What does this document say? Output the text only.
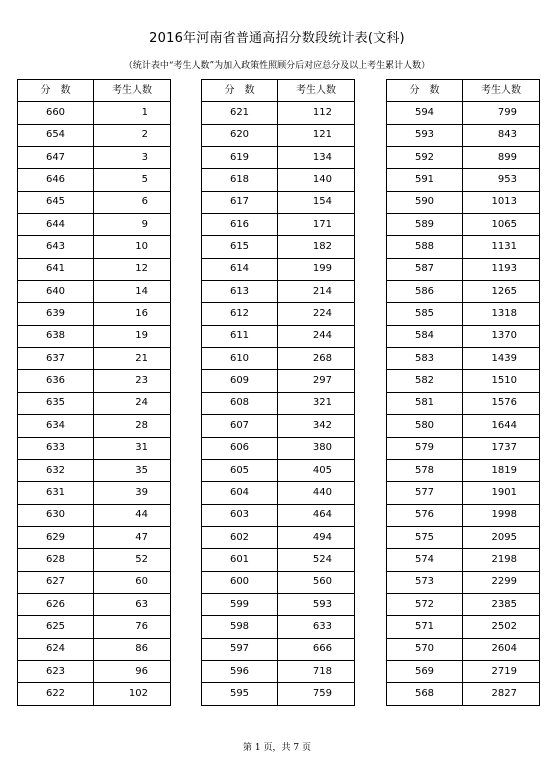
2016年河南省普通高招分数段统计表(文科)
（统计表中“考生人数”为加入政策性照顾分后对应总分及以上考生累计人数）
分　数	考生人数
660	1
654	2
647	3
646	5
645	6
644	9
643	10
641	12
640	14
639	16
638	19
637	21
636	23
635	24
634	28
633	31
632	35
631	39
630	44
629	47
628	52
627	60
626	63
625	76
624	86
623	96
622	102
分　数	考生人数
621	112
620	121
619	134
618	140
617	154
616	171
615	182
614	199
613	214
612	224
611	244
610	268
609	297
608	321
607	342
606	380
605	405
604	440
603	464
602	494
601	524
600	560
599	593
598	633
597	666
596	718
595	759
分　数	考生人数
594	799
593	843
592	899
591	953
590	1013
589	1065
588	1131
587	1193
586	1265
585	1318
584	1370
583	1439
582	1510
581	1576
580	1644
579	1737
578	1819
577	1901
576	1998
575	2095
574	2198
573	2299
572	2385
571	2502
570	2604
569	2719
568	2827
第 1 页，共 7 页
